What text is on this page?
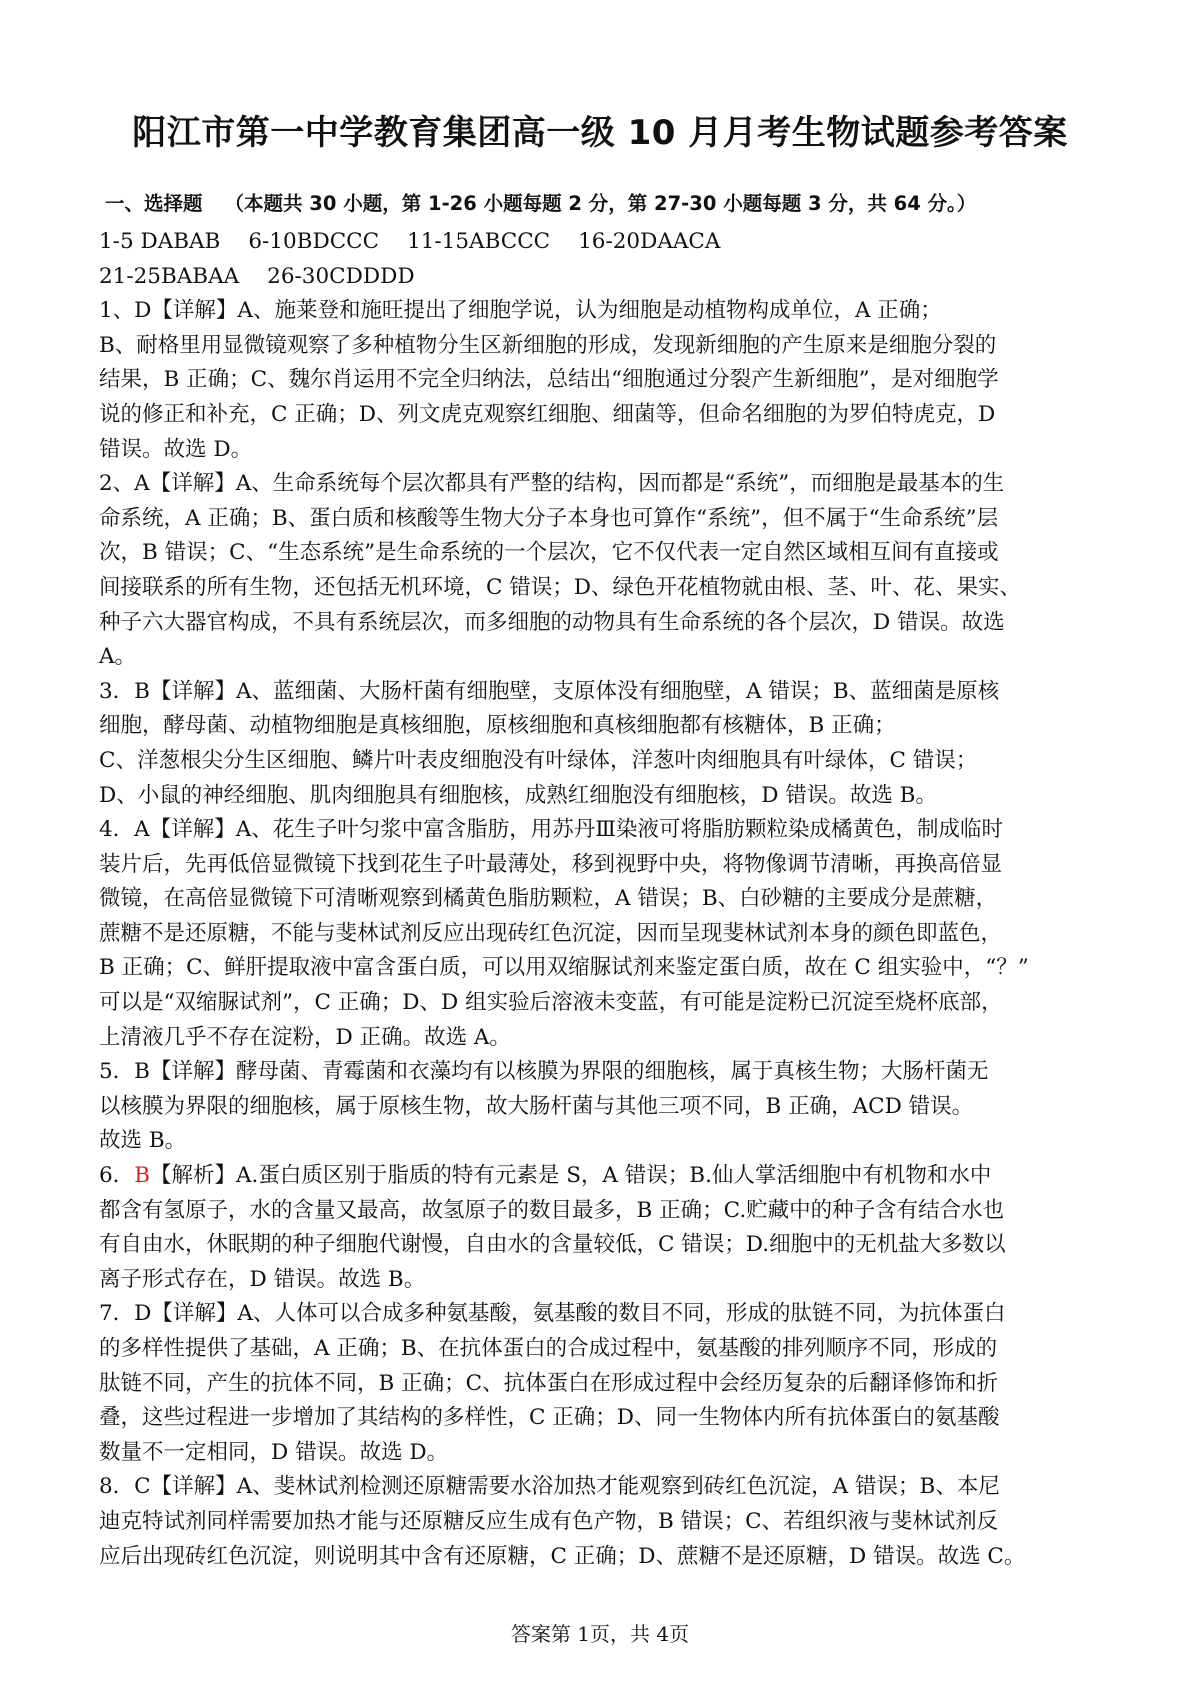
阳江市第一中学教育集团高一级 10 月月考生物试题参考答案
一、选择题 （本题共 30 小题，第 1-26 小题每题 2 分，第 27-30 小题每题 3 分，共 64 分。）
1-5 DABAB 6-10BDCCC 11-15ABCCC 16-20DAACA
21-25BABAA 26-30CDDDD
1、D【详解】A、施莱登和施旺提出了细胞学说，认为细胞是动植物构成单位，A 正确；
B、耐格里用显微镜观察了多种植物分生区新细胞的形成，发现新细胞的产生原来是细胞分裂的
结果，B 正确；C、魏尔肖运用不完全归纳法，总结出“细胞通过分裂产生新细胞”，是对细胞学
说的修正和补充，C 正确；D、列文虎克观察红细胞、细菌等，但命名细胞的为罗伯特虎克，D
错误。故选 D。
2、A【详解】A、生命系统每个层次都具有严整的结构，因而都是“系统”，而细胞是最基本的生
命系统，A 正确；B、蛋白质和核酸等生物大分子本身也可算作“系统”，但不属于“生命系统”层
次，B 错误；C、“生态系统”是生命系统的一个层次，它不仅代表一定自然区域相互间有直接或
间接联系的所有生物，还包括无机环境，C 错误；D、绿色开花植物就由根、茎、叶、花、果实、
种子六大器官构成，不具有系统层次，而多细胞的动物具有生命系统的各个层次，D 错误。故选
A。
3．B【详解】A、蓝细菌、大肠杆菌有细胞壁，支原体没有细胞壁，A 错误；B、蓝细菌是原核
细胞，酵母菌、动植物细胞是真核细胞，原核细胞和真核细胞都有核糖体，B 正确；
C、洋葱根尖分生区细胞、鳞片叶表皮细胞没有叶绿体，洋葱叶肉细胞具有叶绿体，C 错误；
D、小鼠的神经细胞、肌肉细胞具有细胞核，成熟红细胞没有细胞核，D 错误。故选 B。
4．A【详解】A、花生子叶匀浆中富含脂肪，用苏丹Ⅲ染液可将脂肪颗粒染成橘黄色，制成临时
装片后，先再低倍显微镜下找到花生子叶最薄处，移到视野中央，将物像调节清晰，再换高倍显
微镜，在高倍显微镜下可清晰观察到橘黄色脂肪颗粒，A 错误；B、白砂糖的主要成分是蔗糖，
蔗糖不是还原糖，不能与斐林试剂反应出现砖红色沉淀，因而呈现斐林试剂本身的颜色即蓝色，
B 正确；C、鲜肝提取液中富含蛋白质，可以用双缩脲试剂来鉴定蛋白质，故在 C 组实验中，“？”
可以是“双缩脲试剂”，C 正确；D、D 组实验后溶液未变蓝，有可能是淀粉已沉淀至烧杯底部，
上清液几乎不存在淀粉，D 正确。故选 A。
5．B【详解】酵母菌、青霉菌和衣藻均有以核膜为界限的细胞核，属于真核生物；大肠杆菌无
以核膜为界限的细胞核，属于原核生物，故大肠杆菌与其他三项不同，B 正确，ACD 错误。
故选 B。
6．B【解析】A.蛋白质区别于脂质的特有元素是 S，A 错误；B.仙人掌活细胞中有机物和水中
都含有氢原子，水的含量又最高，故氢原子的数目最多，B 正确；C.贮藏中的种子含有结合水也
有自由水，休眠期的种子细胞代谢慢，自由水的含量较低，C 错误；D.细胞中的无机盐大多数以
离子形式存在，D 错误。故选 B。
7．D【详解】A、人体可以合成多种氨基酸，氨基酸的数目不同，形成的肽链不同，为抗体蛋白
的多样性提供了基础，A 正确；B、在抗体蛋白的合成过程中，氨基酸的排列顺序不同，形成的
肽链不同，产生的抗体不同，B 正确；C、抗体蛋白在形成过程中会经历复杂的后翻译修饰和折
叠，这些过程进一步增加了其结构的多样性，C 正确；D、同一生物体内所有抗体蛋白的氨基酸
数量不一定相同，D 错误。故选 D。
8．C【详解】A、斐林试剂检测还原糖需要水浴加热才能观察到砖红色沉淀，A 错误；B、本尼
迪克特试剂同样需要加热才能与还原糖反应生成有色产物，B 错误；C、若组织液与斐林试剂反
应后出现砖红色沉淀，则说明其中含有还原糖，C 正确；D、蔗糖不是还原糖，D 错误。故选 C。
答案第 1页，共 4页
